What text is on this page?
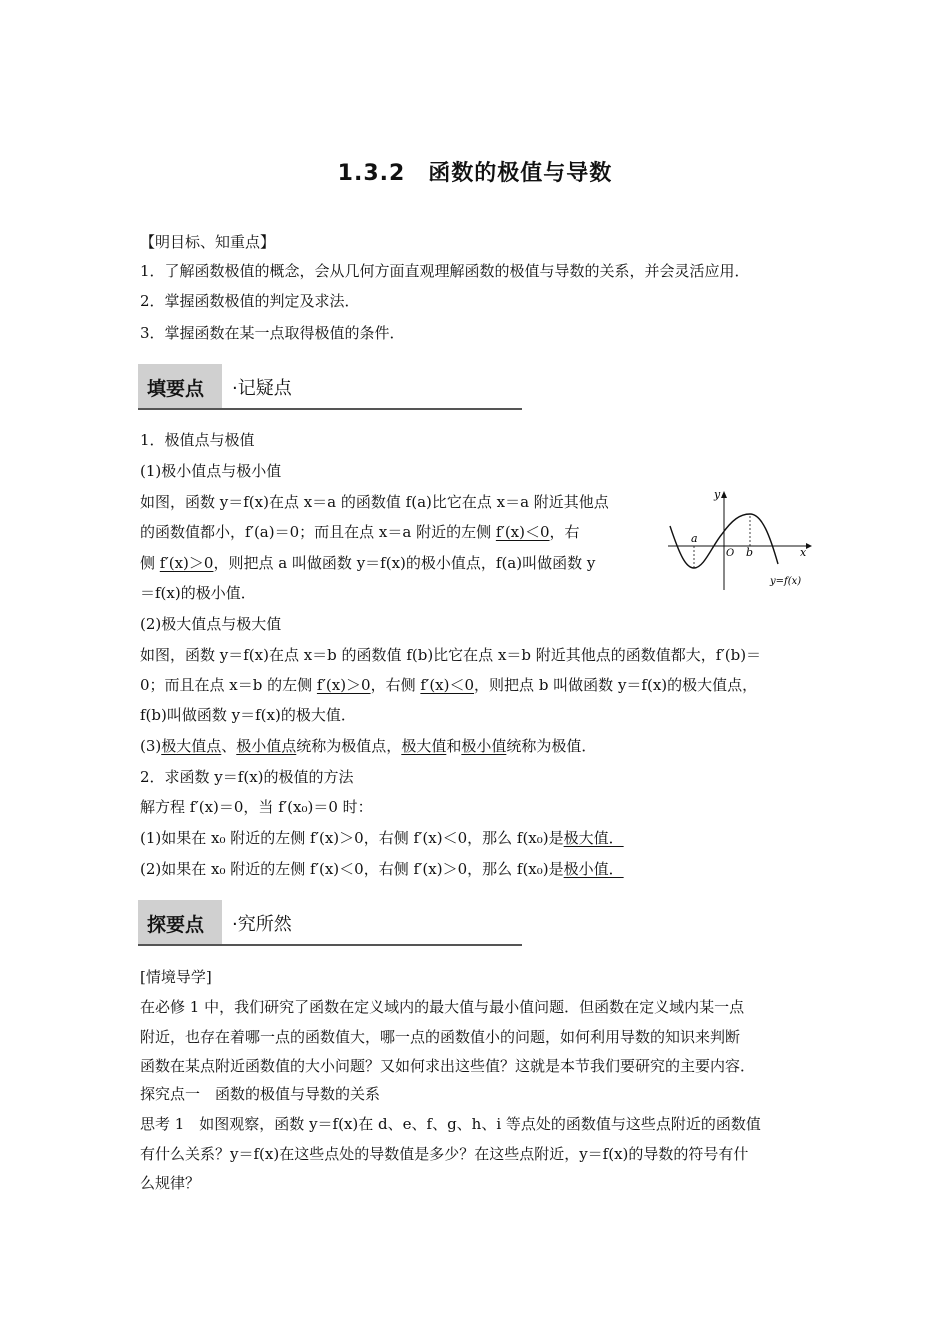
1.3.2　函数的极值与导数
【明目标、知重点】
1．了解函数极值的概念，会从几何方面直观理解函数的极值与导数的关系，并会灵活应用．
2．掌握函数极值的判定及求法．
3．掌握函数在某一点取得极值的条件．
填要点 ·记疑点
1．极值点与极值
(1)极小值点与极小值
如图，函数 y＝f(x)在点 x＝a 的函数值 f(a)比它在点 x＝a 附近其他点
的函数值都小，f′(a)＝0；而且在点 x＝a 附近的左侧 f′(x)＜0，右
侧 f′(x)＞0，则把点 a 叫做函数 y＝f(x)的极小值点，f(a)叫做函数 y
＝f(x)的极小值．
y
x
O
a
b
y=f(x)
(2)极大值点与极大值
如图，函数 y＝f(x)在点 x＝b 的函数值 f(b)比它在点 x＝b 附近其他点的函数值都大，f′(b)＝
0；而且在点 x＝b 的左侧 f′(x)＞0，右侧 f′(x)＜0，则把点 b 叫做函数 y＝f(x)的极大值点，
f(b)叫做函数 y＝f(x)的极大值．
(3)极大值点、极小值点统称为极值点，极大值和极小值统称为极值．
2．求函数 y＝f(x)的极值的方法
解方程 f′(x)＝0，当 f′(x₀)＝0 时：
(1)如果在 x₀ 附近的左侧 f′(x)＞0，右侧 f′(x)＜0，那么 f(x₀)是极大值．
(2)如果在 x₀ 附近的左侧 f′(x)＜0，右侧 f′(x)＞0，那么 f(x₀)是极小值．
探要点 ·究所然
[情境导学]
在必修 1 中，我们研究了函数在定义域内的最大值与最小值问题．但函数在定义域内某一点
附近，也存在着哪一点的函数值大，哪一点的函数值小的问题，如何利用导数的知识来判断
函数在某点附近函数值的大小问题？又如何求出这些值？这就是本节我们要研究的主要内容．
探究点一　函数的极值与导数的关系
思考 1　如图观察，函数 y＝f(x)在 d、e、f、g、h、i 等点处的函数值与这些点附近的函数值
有什么关系？y＝f(x)在这些点处的导数值是多少？在这些点附近，y＝f(x)的导数的符号有什
么规律？
